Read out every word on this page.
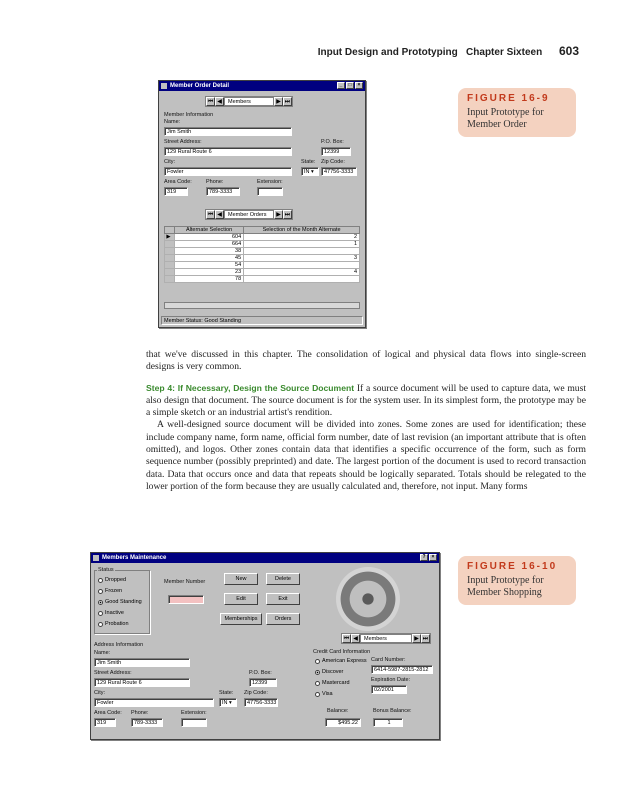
Input Design and Prototyping Chapter Sixteen 603
Member Order Detail	_	□	×
⏮ ◀	Members	▶ ⏭
Member Information
Name:
Jim Smith
Street Address:	P.O. Box:
129 Rural Route 6	12399
City:	State: Zip Code:
Fowler	IN ▾	47756-3333
Area Code:	Phone:	Extension:
319	789-3333
⏮ ◀	Member Orders	▶ ⏭
	Alternate Selection	Selection of the Month Alternate
▶	604	2
	664	1
	38	
	45	3
	54	
	23	4
	78	
Member Status: Good Standing
FIGURE 16-9
Input Prototype for Member Order

that we've discussed in this chapter. The consolidation of logical and physical data flows into single-screen designs is very common.

Step 4: If Necessary, Design the Source Document If a source document will be used to capture data, we must also design that document. The source document is for the system user. In its simplest form, the prototype may be a simple sketch or an industrial artist's rendition.

A well-designed source document will be divided into zones. Some zones are used for identification; these include company name, form name, official form number, date of last revision (an important attribute that is often omitted), and logos. Other zones contain data that identifies a specific occurrence of the form, such as form sequence number (possibly preprinted) and date. The largest portion of the document is used to record transaction data. Data that occurs once and data that repeats should be logically separated. Totals should be relegated to the lower portion of the form because they are usually calculated and, therefore, not input. Many forms

Members Maintenance	?	×
Status
Dropped
Frozen
Good Standing
Inactive
Probation
Member Number	New	Delete
Edit	Exit
Memberships	Orders
⏮ ◀	Members	▶ ⏭
Address Information
Name:
Jim Smith
Street Address:	P.O. Box:
129 Rural Route 6	12399
City:	State: Zip Code:
Fowler	IN ▾	47756-3333
Area Code: Phone:	Extension:
319	789-3333
Credit Card Information
American Express
Discover
Mastercard
Visa
Card Number:
6414-5987-2815-2812
Expiration Date:
02/2001
Balance:	Bonus Balance:
$495.22	1
FIGURE 16-10
Input Prototype for Member Shopping
